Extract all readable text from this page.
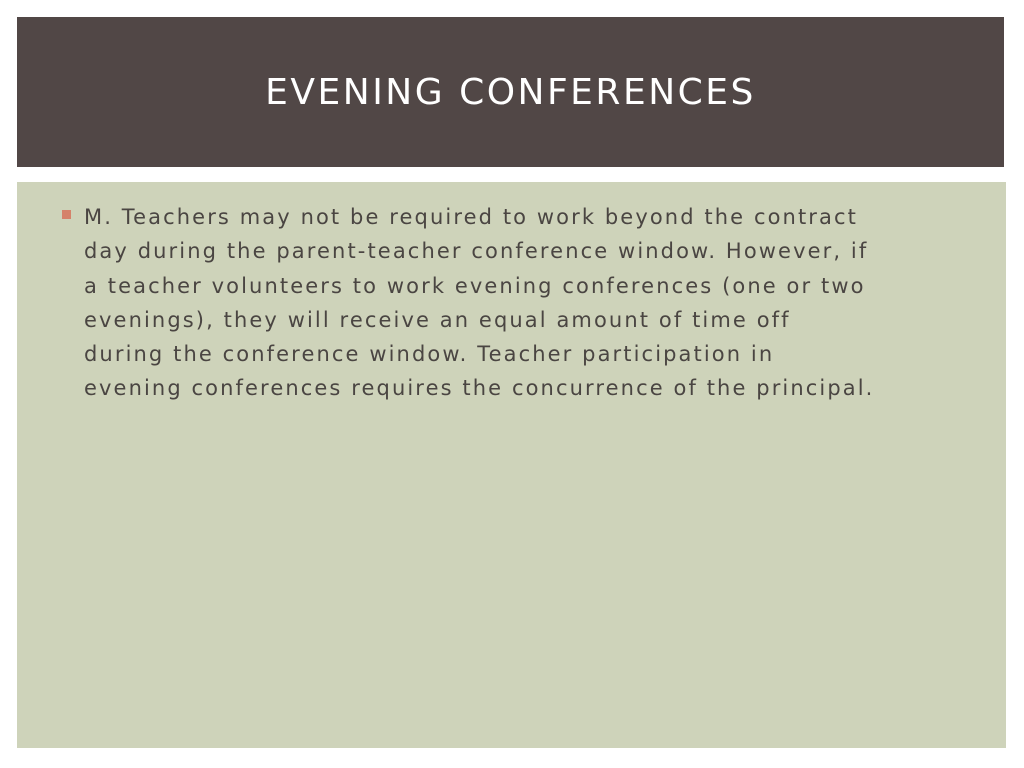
EVENING CONFERENCES
M. Teachers may not be required to work beyond the contract
day during the parent-teacher conference window. However, if
a teacher volunteers to work evening conferences (one or two
evenings), they will receive an equal amount of time off
during the conference window. Teacher participation in
evening conferences requires the concurrence of the principal.
